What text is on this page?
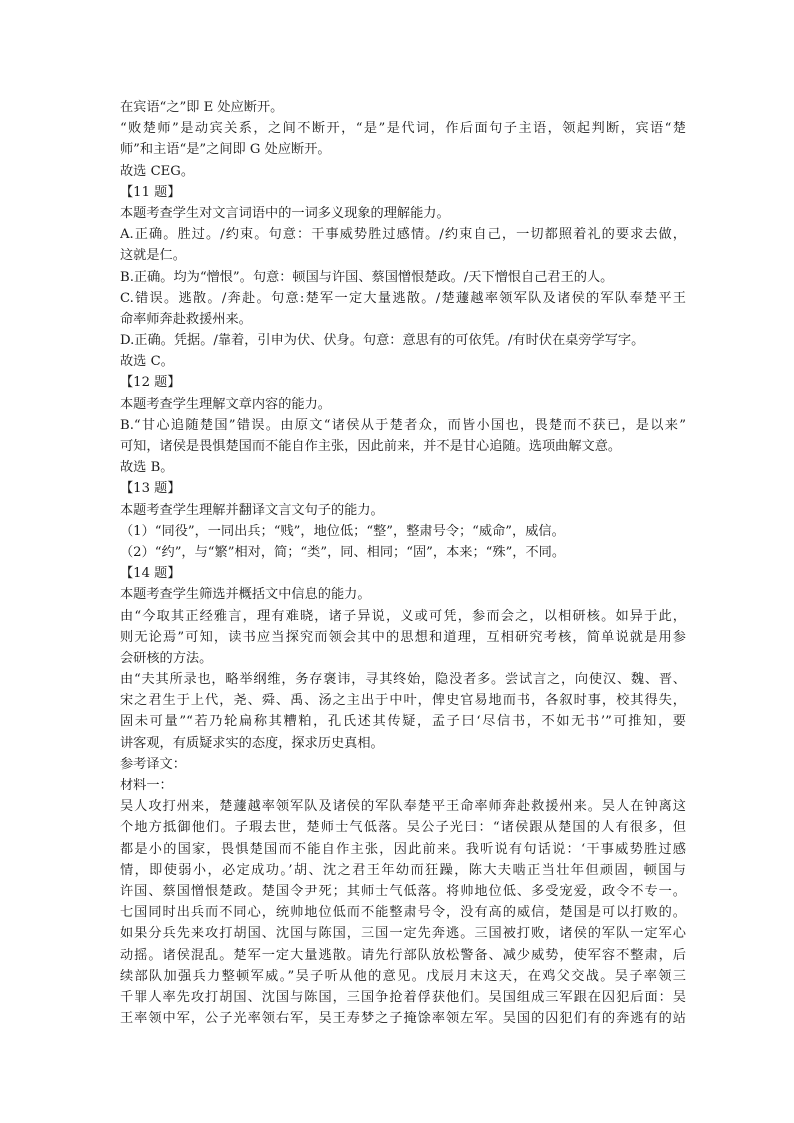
在宾语“之”即 E 处应断开。
“败楚师”是动宾关系，之间不断开，“是”是代词，作后面句子主语，领起判断，宾语“楚
师”和主语“是”之间即 G 处应断开。
故选 CEG。
【11 题】
本题考查学生对文言词语中的一词多义现象的理解能力。
A.正确。胜过。/约束。句意：干事威势胜过感情。/约束自己，一切都照着礼的要求去做，
这就是仁。
B.正确。均为“憎恨”。句意：顿国与许国、蔡国憎恨楚政。/天下憎恨自己君王的人。
C.错误。逃散。/奔赴。句意:楚军一定大量逃散。/楚蘧越率领军队及诸侯的军队奉楚平王
命率师奔赴救援州来。
D.正确。凭据。/靠着，引申为伏、伏身。句意：意思有的可依凭。/有时伏在桌旁学写字。
故选 C。
【12 题】
本题考查学生理解文章内容的能力。
B.“甘心追随楚国”错误。由原文“诸侯从于楚者众，而皆小国也，畏楚而不获已，是以来”
可知，诸侯是畏惧楚国而不能自作主张，因此前来，并不是甘心追随。选项曲解文意。
故选 B。
【13 题】
本题考查学生理解并翻译文言文句子的能力。
（1）“同役”，一同出兵；“贱”，地位低；“整”，整肃号令；“威命”，威信。
（2）“约”，与“繁”相对，简；“类”，同、相同；“固”，本来；“殊”，不同。
【14 题】
本题考查学生筛选并概括文中信息的能力。
由“今取其正经雅言，理有难晓，诸子异说，义或可凭，参而会之，以相研核。如异于此，
则无论焉”可知，读书应当探究而领会其中的思想和道理，互相研究考核，简单说就是用参
会研核的方法。
由“夫其所录也，略举纲维，务存褒讳，寻其终始，隐没者多。尝试言之，向使汉、魏、晋、
宋之君生于上代，尧、舜、禹、汤之主出于中叶，俾史官易地而书，各叙时事，校其得失，
固未可量”“若乃轮扁称其糟粕，孔氏述其传疑，孟子曰‘尽信书，不如无书’”可推知，要
讲客观，有质疑求实的态度，探求历史真相。
参考译文：
材料一：
吴人攻打州来，楚蘧越率领军队及诸侯的军队奉楚平王命率师奔赴救援州来。吴人在钟离这
个地方抵御他们。子瑕去世，楚师士气低落。吴公子光曰：“诸侯跟从楚国的人有很多，但
都是小的国家，畏惧楚国而不能自作主张，因此前来。我听说有句话说：‘干事威势胜过感
情，即使弱小，必定成功。’胡、沈之君王年幼而狂躁，陈大夫啮正当壮年但顽固，顿国与
许国、蔡国憎恨楚政。楚国令尹死；其师士气低落。将帅地位低、多受宠爱，政令不专一。
七国同时出兵而不同心，统帅地位低而不能整肃号令，没有高的威信，楚国是可以打败的。
如果分兵先来攻打胡国、沈国与陈国，三国一定先奔逃。三国被打败，诸侯的军队一定军心
动摇。诸侯混乱。楚军一定大量逃散。请先行部队放松警备、减少威势，使军容不整肃，后
续部队加强兵力整顿军威。”吴子听从他的意见。戊辰月末这天，在鸡父交战。吴子率领三
千罪人率先攻打胡国、沈国与陈国，三国争抢着俘获他们。吴国组成三军跟在囚犯后面：吴
王率领中军，公子光率领右军，吴王寿梦之子掩馀率领左军。吴国的囚犯们有的奔逃有的站
